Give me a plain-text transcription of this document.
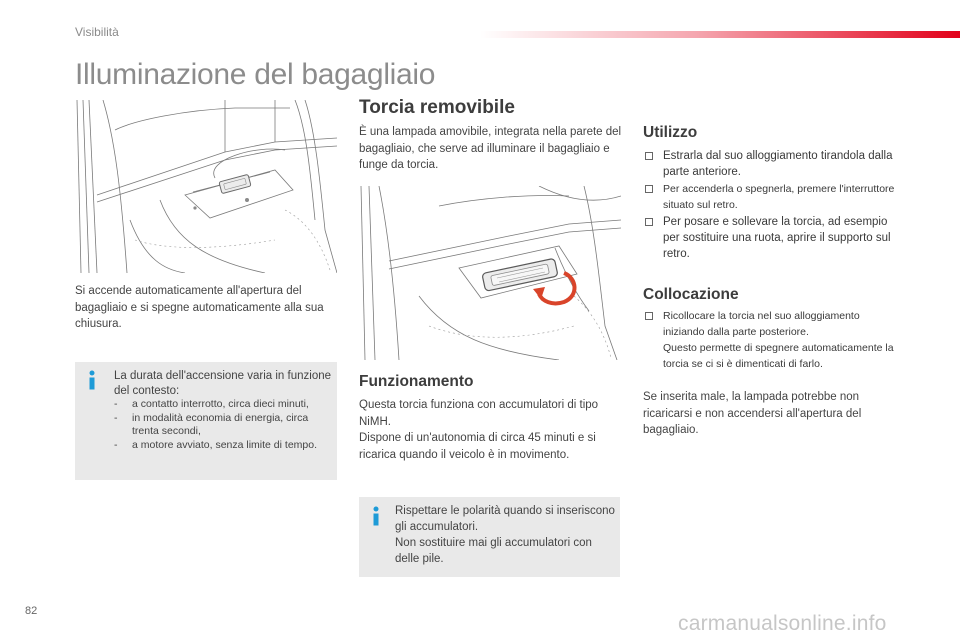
Visibilità
Illuminazione del bagagliaio
Si accende automaticamente all'apertura del bagagliaio e si spegne automaticamente alla sua chiusura.
La durata dell'accensione varia in funzione del contesto:
- a contatto interrotto, circa dieci minuti,
- in modalità economia di energia, circa trenta secondi,
- a motore avviato, senza limite di tempo.
Torcia removibile
È una lampada amovibile, integrata nella parete del bagagliaio, che serve ad illuminare il bagagliaio e funge da torcia.
Funzionamento
Questa torcia funziona con accumulatori di tipo NiMH.
Dispone di un'autonomia di circa 45 minuti e si ricarica quando il veicolo è in movimento.
Rispettare le polarità quando si inseriscono gli accumulatori.
Non sostituire mai gli accumulatori con delle pile.
Utilizzo
Estrarla dal suo alloggiamento tirandola dalla parte anteriore.
Per accenderla o spegnerla, premere l'interruttore situato sul retro.
Per posare e sollevare la torcia, ad esempio per sostituire una ruota, aprire il supporto sul retro.
Collocazione
Ricollocare la torcia nel suo alloggiamento iniziando dalla parte posteriore.
Questo permette di spegnere automaticamente la torcia se ci si è dimenticati di farlo.
Se inserita male, la lampada potrebbe non ricaricarsi e non accendersi all'apertura del bagagliaio.
82
carmanualsonline.info
